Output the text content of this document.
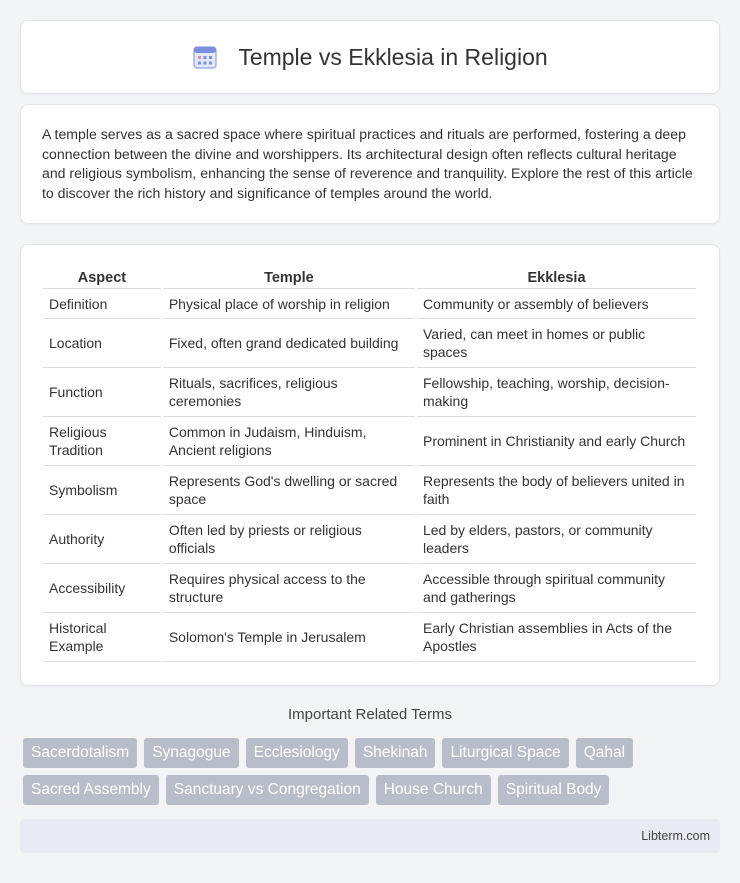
Temple vs Ekklesia in Religion

A temple serves as a sacred space where spiritual practices and rituals are performed, fostering a deep connection between the divine and worshippers. Its architectural design often reflects cultural heritage and religious symbolism, enhancing the sense of reverence and tranquility. Explore the rest of this article to discover the rich history and significance of temples around the world.

Aspect	Temple	Ekklesia
Definition	Physical place of worship in religion	Community or assembly of believers
Location	Fixed, often grand dedicated building	Varied, can meet in homes or public spaces
Function	Rituals, sacrifices, religious ceremonies	Fellowship, teaching, worship, decision-making
Religious Tradition	Common in Judaism, Hinduism, Ancient religions	Prominent in Christianity and early Church
Symbolism	Represents God's dwelling or sacred space	Represents the body of believers united in faith
Authority	Often led by priests or religious officials	Led by elders, pastors, or community leaders
Accessibility	Requires physical access to the structure	Accessible through spiritual community and gatherings
Historical Example	Solomon's Temple in Jerusalem	Early Christian assemblies in Acts of the Apostles
Important Related Terms
Sacerdotalism	Synagogue	Ecclesiology	Shekinah	Liturgical Space	Qahal
Sacred Assembly	Sanctuary vs Congregation	House Church	Spiritual Body
Libterm.com
